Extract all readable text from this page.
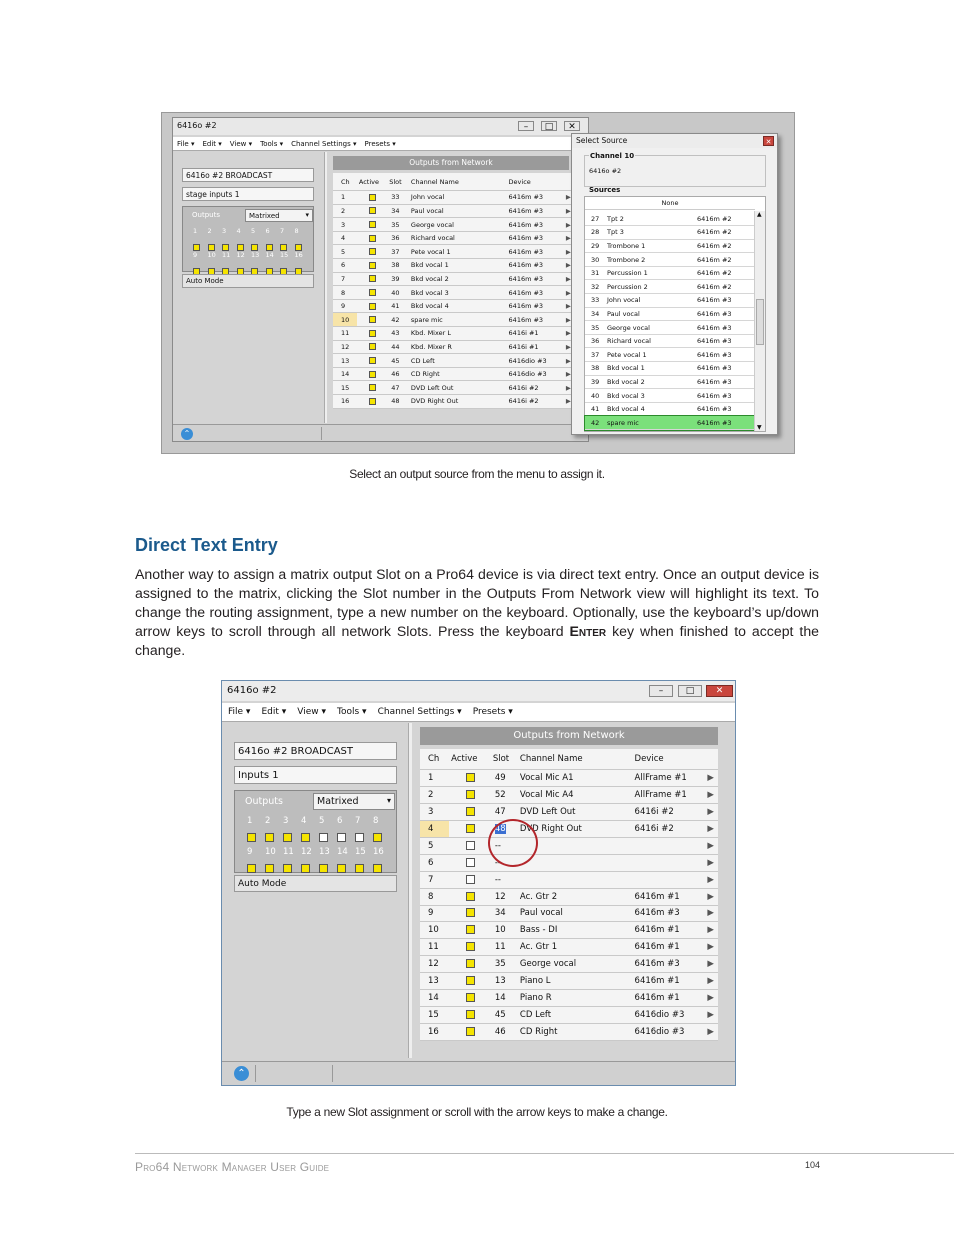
6416o #2	–	□	✕
File ▾ Edit ▾ View ▾ Tools ▾ Channel Settings ▾ Presets ▾
6416o #2 BROADCAST
stage inputs 1
Outputs	Matrixed	▾
1	2	3	4	5	6	7	8
9	10 11 12 13 14 15 16
Auto Mode
Outputs from Network
Ch	Active	Slot	Channel Name	Device	
1		33	John vocal	6416m #3	▶
2		34	Paul vocal	6416m #3	▶
3		35	George vocal	6416m #3	▶
4		36	Richard vocal	6416m #3	▶
5		37	Pete vocal 1	6416m #3	▶
6		38	Bkd vocal 1	6416m #3	▶
7		39	Bkd vocal 2	6416m #3	▶
8		40	Bkd vocal 3	6416m #3	▶
9		41	Bkd vocal 4	6416m #3	▶
10		42	spare mic	6416m #3	▶
11		43	Kbd. Mixer L	6416i #1	▶
12		44	Kbd. Mixer R	6416i #1	▶
13		45	CD Left	6416dio #3	▶
14		46	CD Right	6416dio #3	▶
15		47	DVD Left Out	6416i #2	▶
16		48	DVD Right Out	6416i #2	▶
⌃
Select Source	✕
Channel 10
6416o #2
Sources
None
27	Tpt 2	6416m #2
28	Tpt 3	6416m #2
29	Trombone 1	6416m #2
30	Trombone 2	6416m #2
31	Percussion 1	6416m #2
32	Percussion 2	6416m #2
33	John vocal	6416m #3
34	Paul vocal	6416m #3
35	George vocal	6416m #3
36	Richard vocal	6416m #3
37	Pete vocal 1	6416m #3
38	Bkd vocal 1	6416m #3
39	Bkd vocal 2	6416m #3
40	Bkd vocal 3	6416m #3
41	Bkd vocal 4	6416m #3
42	spare mic	6416m #3
▲
▼
Select an output source from the menu to assign it.
Direct Text Entry
Another way to assign a matrix output Slot on a Pro64 device is via direct text entry. Once an output device is assigned to the matrix, clicking the Slot number in the Outputs From Network view will highlight its text. To change the routing assignment, type a new number on the keyboard. Optionally, use the keyboard’s up/down arrow keys to scroll through all network Slots. Press the keyboard Enter key when finished to accept the change.
6416o #2	–	□	✕
File ▾ Edit ▾ View ▾ Tools ▾ Channel Settings ▾ Presets ▾
6416o #2 BROADCAST
Inputs 1
Outputs	Matrixed	▾
1	2	3	4	5	6	7	8
9	10 11 12 13 14 15 16
Auto Mode
Outputs from Network
Ch	Active	Slot	Channel Name	Device	
1		49	Vocal Mic A1	AllFrame #1	▶
2		52	Vocal Mic A4	AllFrame #1	▶
3		47	DVD Left Out	6416i #2	▶
4		48	DVD Right Out	6416i #2	▶
5		--			▶
6		--			▶
7		--			▶
8		12	Ac. Gtr 2	6416m #1	▶
9		34	Paul vocal	6416m #3	▶
10		10	Bass - DI	6416m #1	▶
11		11	Ac. Gtr 1	6416m #1	▶
12		35	George vocal	6416m #3	▶
13		13	Piano L	6416m #1	▶
14		14	Piano R	6416m #1	▶
15		45	CD Left	6416dio #3	▶
16		46	CD Right	6416dio #3	▶
⌃
Type a new Slot assignment or scroll with the arrow keys to make a change.
Pro64 Network Manager User Guide	104
